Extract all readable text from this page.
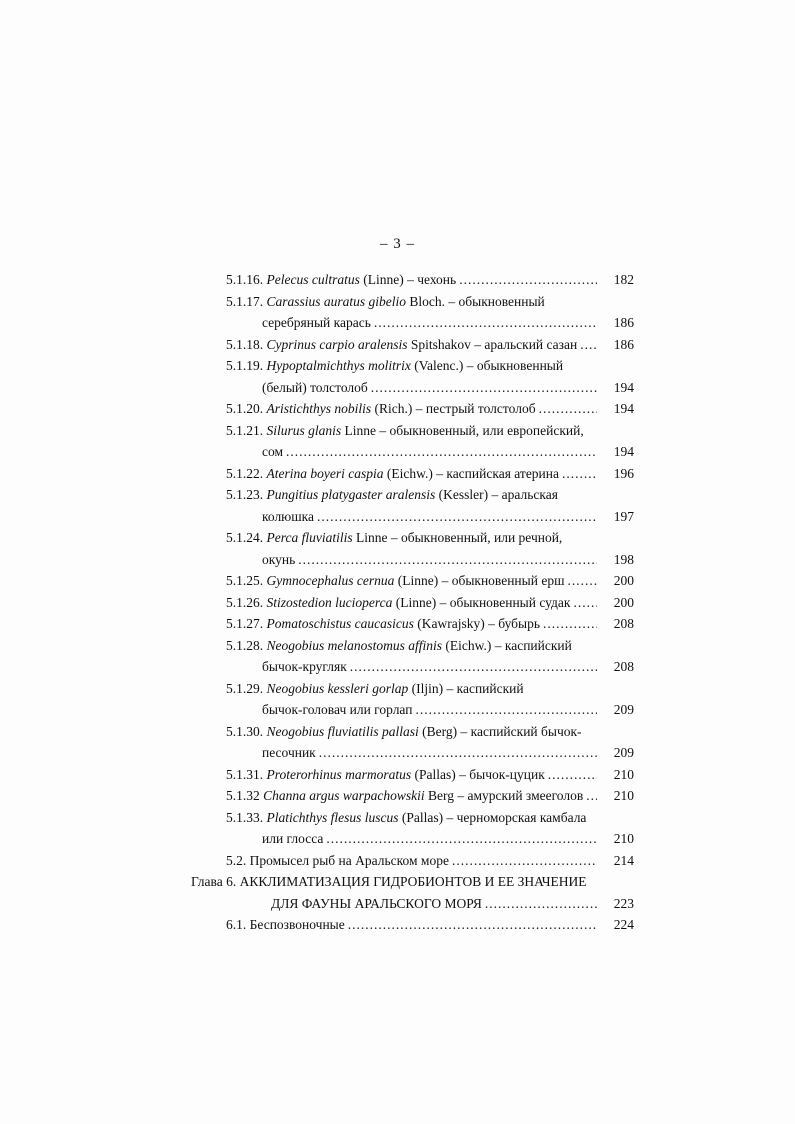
– 3 –
5.1.16. Pelecus cultratus (Linne) – чехонь .....	182
5.1.17. Carassius auratus gibelio Bloch. – обыкновенный
серебряный карась .....	186
5.1.18. Cyprinus carpio aralensis Spitshakov – аральский сазан .....	186
5.1.19. Hypoptalmichthys molitrix (Valenc.) – обыкновенный
(белый) толстолоб .....	194
5.1.20. Aristichthys nobilis (Rich.) – пестрый толстолоб .....	194
5.1.21. Silurus glanis Linne – обыкновенный, или европейский,
сом .....	194
5.1.22. Aterina boyeri caspia (Eichw.) – каспийская атерина .....	196
5.1.23. Pungitius platygaster aralensis (Kessler) – аральская
колюшка .....	197
5.1.24. Perca fluviatilis Linne – обыкновенный, или речной,
окунь .....	198
5.1.25. Gymnocephalus cernua (Linne) – обыкновенный ерш .....	200
5.1.26. Stizostedion luciоperca (Linne) – обыкновенный судак .....	200
5.1.27. Pomatoschistus caucasicus (Kawrajsky) – бубырь .....	208
5.1.28. Neogobius melanostomus affinis (Eichw.) – каспийский
бычок-кругляк .....	208
5.1.29. Neogobius kessleri gorlap (Iljin) – каспийский
бычок-головач или горлап .....	209
5.1.30. Neogobius fluviatilis pallasi (Berg) – каспийский бычок-
песочник .....	209
5.1.31. Proterorhinus marmoratus (Pallas) – бычок-цуцик .....	210
5.1.32 Channa argus warpachowskii Berg – амурский змееголов .....	210
5.1.33. Platichthys flesus luscus (Pallas) – черноморская камбала
или глосса .....	210
5.2. Промысел рыб на Аральском море .....	214
Глава 6. АККЛИМАТИЗАЦИЯ ГИДРОБИОНТОВ И ЕЕ ЗНАЧЕНИЕ
ДЛЯ ФАУНЫ АРАЛЬСКОГО МОРЯ .....	223
6.1. Беспозвоночные .....	224
